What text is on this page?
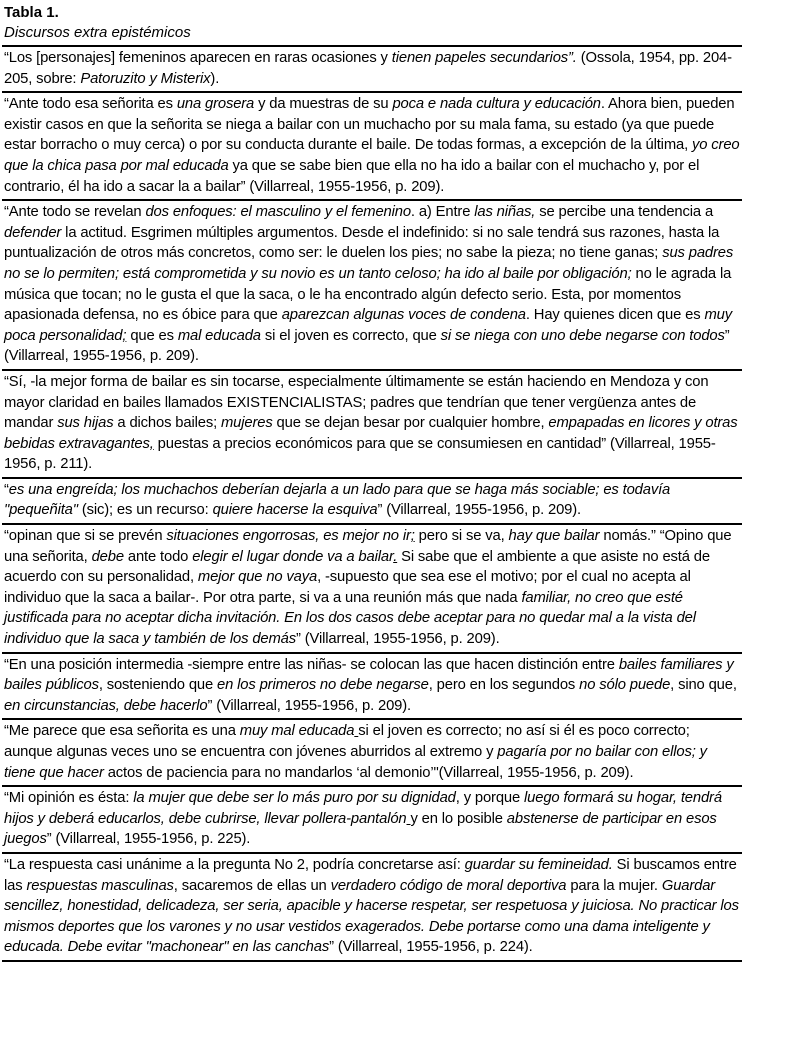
Tabla 1.
Discursos extra epistémicos
“Los [personajes] femeninos aparecen en raras ocasiones y tienen papeles secundarios”. (Ossola, 1954, pp. 204-205, sobre: Patoruzito y Misterix).
“Ante todo esa señorita es una grosera y da muestras de su poca e nada cultura y educación. Ahora bien, pueden existir casos en que la señorita se niega a bailar con un muchacho por su mala fama, su estado (ya que puede estar borracho o muy cerca) o por su conducta durante el baile. De todas formas, a excepción de la última, yo creo que la chica pasa por mal educada ya que se sabe bien que ella no ha ido a bailar con el muchacho y, por el contrario, él ha ido a sacar la a bailar” (Villarreal, 1955-1956, p. 209).
“Ante todo se revelan dos enfoques: el masculino y el femenino. a) Entre las niñas, se percibe una tendencia a defender la actitud. Esgrimen múltiples argumentos. Desde el indefinido: si no sale tendrá sus razones, hasta la puntualización de otros más concretos, como ser: le duelen los pies; no sabe la pieza; no tiene ganas; sus padres no se lo permiten; está comprometida y su novio es un tanto celoso; ha ido al baile por obligación; no le agrada la música que tocan; no le gusta el que la saca, o le ha encontrado algún defecto serio. Esta, por momentos apasionada defensa, no es óbice para que aparezcan algunas voces de condena. Hay quienes dicen que es muy poca personalidad; que es mal educada si el joven es correcto, que si se niega con uno debe negarse con todos” (Villarreal, 1955-1956, p. 209).
“Sí, -la mejor forma de bailar es sin tocarse, especialmente últimamente se están haciendo en Mendoza y con mayor claridad en bailes llamados EXISTENCIALISTAS; padres que tendrían que tener vergüenza antes de mandar sus hijas a dichos bailes; mujeres que se dejan besar por cualquier hombre, empapadas en licores y otras bebidas extravagantes, puestas a precios económicos para que se consumiesen en cantidad” (Villarreal, 1955-1956, p. 211).
“es una engreída; los muchachos deberían dejarla a un lado para que se haga más sociable; es todavía "pequeñita" (sic); es un recurso: quiere hacerse la esquiva” (Villarreal, 1955-1956, p. 209).
“opinan que si se prevén situaciones engorrosas, es mejor no ir; pero si se va, hay que bailar nomás.” “Opino que una señorita, debe ante todo elegir el lugar donde va a bailar. Si sabe que el ambiente a que asiste no está de acuerdo con su personalidad, mejor que no vaya, -supuesto que sea ese el motivo; por el cual no acepta al individuo que la saca a bailar-. Por otra parte, si va a una reunión más que nada familiar, no creo que esté justificada para no aceptar dicha invitación. En los dos casos debe aceptar para no quedar mal a la vista del individuo que la saca y también de los demás” (Villarreal, 1955-1956, p. 209).
“En una posición intermedia -siempre entre las niñas- se colocan las que hacen distinción entre bailes familiares y bailes públicos, sosteniendo que en los primeros no debe negarse, pero en los segundos no sólo puede, sino que, en circunstancias, debe hacerlo” (Villarreal, 1955-1956, p. 209).
“Me parece que esa señorita es una muy mal educada si el joven es correcto; no así si él es poco correcto; aunque algunas veces uno se encuentra con jóvenes aburridos al extremo y pagaría por no bailar con ellos; y tiene que hacer actos de paciencia para no mandarlos ‘al demonio’"(Villarreal, 1955-1956, p. 209).
“Mi opinión es ésta: la mujer que debe ser lo más puro por su dignidad, y porque luego formará su hogar, tendrá hijos y deberá educarlos, debe cubrirse, llevar pollera-pantalón y en lo posible abstenerse de participar en esos juegos” (Villarreal, 1955-1956, p. 225).
“La respuesta casi unánime a la pregunta No 2, podría concretarse así: guardar su femineidad. Si buscamos entre las respuestas masculinas, sacaremos de ellas un verdadero código de moral deportiva para la mujer. Guardar sencillez, honestidad, delicadeza, ser seria, apacible y hacerse respetar, ser respetuosa y juiciosa. No practicar los mismos deportes que los varones y no usar vestidos exagerados. Debe portarse como una dama inteligente y educada. Debe evitar "machonear" en las canchas” (Villarreal, 1955-1956, p. 224).
